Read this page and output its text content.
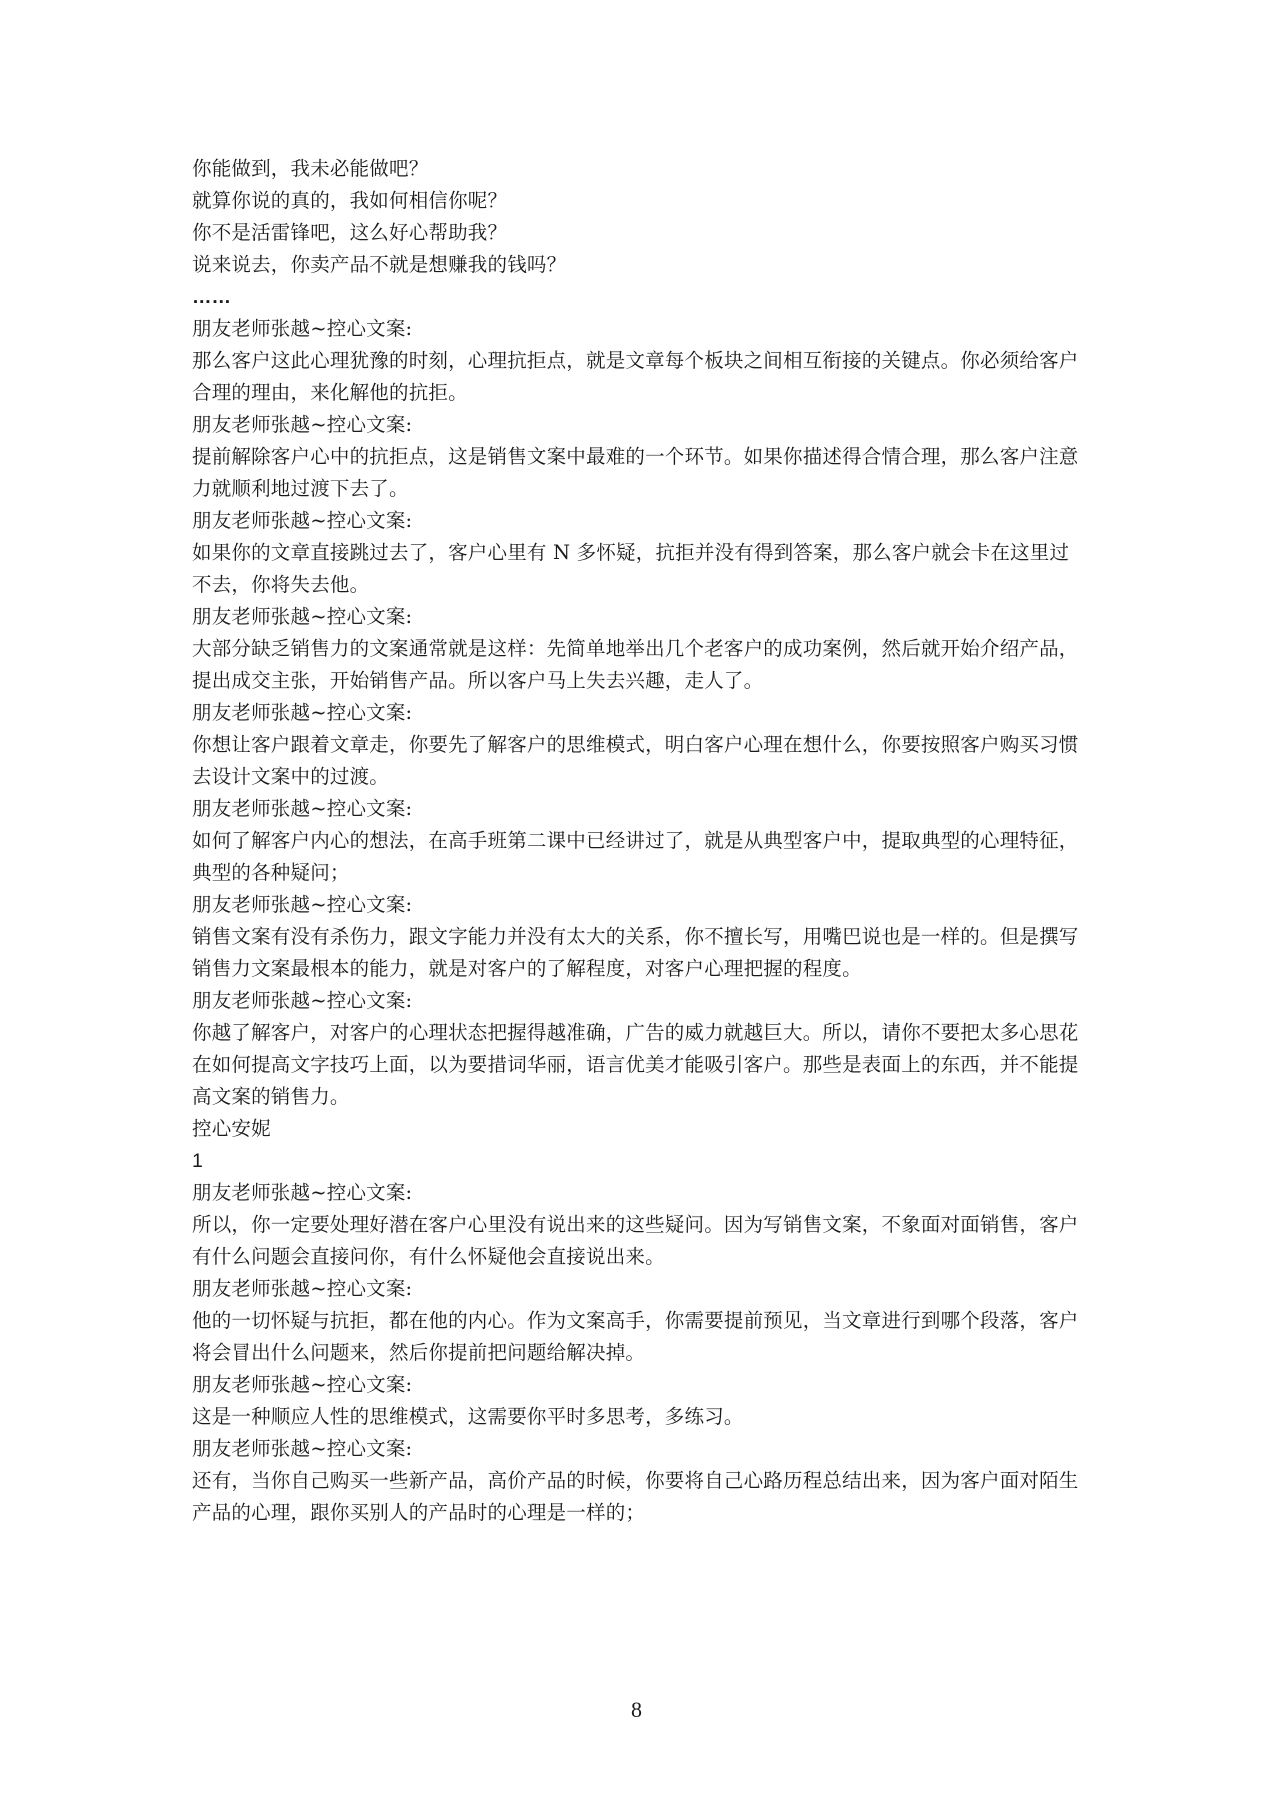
你能做到，我未必能做吧？

就算你说的真的，我如何相信你呢？

你不是活雷锋吧，这么好心帮助我？

说来说去，你卖产品不就是想赚我的钱吗？

……

朋友老师张越~控心文案:

那么客户这此心理犹豫的时刻，心理抗拒点，就是文章每个板块之间相互衔接的关键点。你必须给客户合理的理由，来化解他的抗拒。

朋友老师张越~控心文案:

提前解除客户心中的抗拒点，这是销售文案中最难的一个环节。如果你描述得合情合理，那么客户注意力就顺利地过渡下去了。

朋友老师张越~控心文案:

如果你的文章直接跳过去了，客户心里有 N 多怀疑，抗拒并没有得到答案，那么客户就会卡在这里过不去，你将失去他。

朋友老师张越~控心文案:

大部分缺乏销售力的文案通常就是这样：先简单地举出几个老客户的成功案例，然后就开始介绍产品，提出成交主张，开始销售产品。所以客户马上失去兴趣，走人了。

朋友老师张越~控心文案:

你想让客户跟着文章走，你要先了解客户的思维模式，明白客户心理在想什么，你要按照客户购买习惯去设计文案中的过渡。

朋友老师张越~控心文案:

如何了解客户内心的想法，在高手班第二课中已经讲过了，就是从典型客户中，提取典型的心理特征，典型的各种疑问；

朋友老师张越~控心文案:

销售文案有没有杀伤力，跟文字能力并没有太大的关系，你不擅长写，用嘴巴说也是一样的。但是撰写销售力文案最根本的能力，就是对客户的了解程度，对客户心理把握的程度。

朋友老师张越~控心文案:

你越了解客户，对客户的心理状态把握得越准确，广告的威力就越巨大。所以，请你不要把太多心思花在如何提高文字技巧上面，以为要措词华丽，语言优美才能吸引客户。那些是表面上的东西，并不能提高文案的销售力。

控心安妮

1

朋友老师张越~控心文案:

所以，你一定要处理好潜在客户心里没有说出来的这些疑问。因为写销售文案，不象面对面销售，客户有什么问题会直接问你，有什么怀疑他会直接说出来。

朋友老师张越~控心文案:

他的一切怀疑与抗拒，都在他的内心。作为文案高手，你需要提前预见，当文章进行到哪个段落，客户将会冒出什么问题来，然后你提前把问题给解决掉。

朋友老师张越~控心文案:

这是一种顺应人性的思维模式，这需要你平时多思考，多练习。

朋友老师张越~控心文案:

还有，当你自己购买一些新产品，高价产品的时候，你要将自己心路历程总结出来，因为客户面对陌生产品的心理，跟你买别人的产品时的心理是一样的；

8
